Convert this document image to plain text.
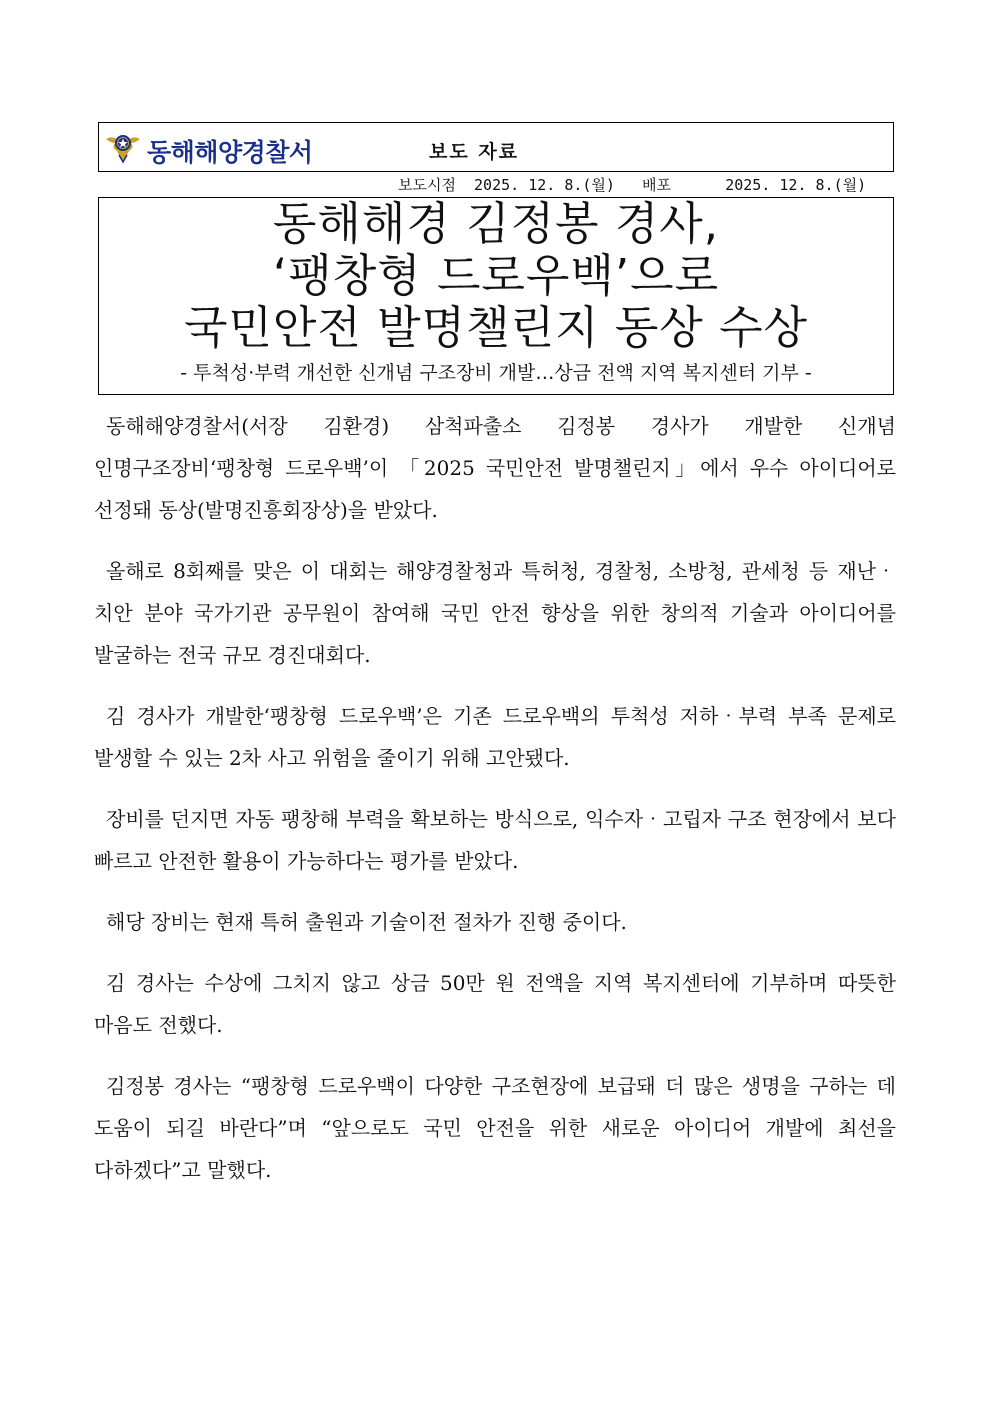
동해해양경찰서	보도 자료
보도시점 2025. 12. 8.(월) 배포	2025. 12. 8.(월)
동해해경 김정봉 경사,
‘팽창형 드로우백’으로
국민안전 발명챌린지 동상 수상
- 투척성·부력 개선한 신개념 구조장비 개발…상금 전액 지역 복지센터 기부 -

동해해양경찰서(서장 김환경) 삼척파출소 김정봉 경사가 개발한 신개념 인명구조장비‘팽창형 드로우백’이 「2025 국민안전 발명챌린지」에서 우수 아이디어로 선정돼 동상(발명진흥회장상)을 받았다.

올해로 8회째를 맞은 이 대회는 해양경찰청과 특허청, 경찰청, 소방청, 관세청 등 재난‧치안 분야 국가기관 공무원이 참여해 국민 안전 향상을 위한 창의적 기술과 아이디어를 발굴하는 전국 규모 경진대회다.

김 경사가 개발한‘팽창형 드로우백’은 기존 드로우백의 투척성 저하‧부력 부족 문제로 발생할 수 있는 2차 사고 위험을 줄이기 위해 고안됐다.

장비를 던지면 자동 팽창해 부력을 확보하는 방식으로, 익수자‧고립자 구조 현장에서 보다 빠르고 안전한 활용이 가능하다는 평가를 받았다.

해당 장비는 현재 특허 출원과 기술이전 절차가 진행 중이다.

김 경사는 수상에 그치지 않고 상금 50만 원 전액을 지역 복지센터에 기부하며 따뜻한 마음도 전했다.

김정봉 경사는 “팽창형 드로우백이 다양한 구조현장에 보급돼 더 많은 생명을 구하는 데 도움이 되길 바란다”며 “앞으로도 국민 안전을 위한 새로운 아이디어 개발에 최선을 다하겠다”고 말했다.
